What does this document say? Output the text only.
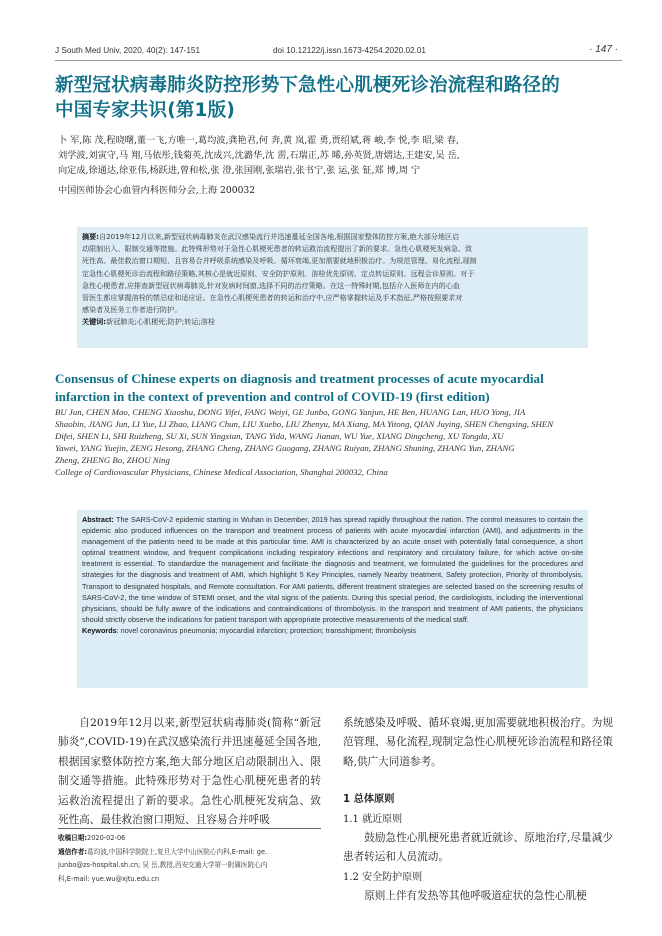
J South Med Univ, 2020, 40(2): 147-151	doi 10.12122/j.issn.1673-4254.2020.02.01	· 147 ·
新型冠状病毒肺炎防控形势下急性心肌梗死诊治流程和路径的
中国专家共识(第1版)
卜 军,陈 茂,程晓曙,董一飞,方唯一,葛均波,龚艳君,何 奔,黄 岚,霍 勇,贾绍斌,蒋 峻,李 悦,李 昭,梁 春,
刘学波,刘寅守,马 翔,马依彤,钱菊英,沈成兴,沈潞华,沈 雳,石瑞正,苏 晞,孙英贤,唐熠达,王建安,吴 岳,
向定成,徐通达,徐亚伟,杨跃进,曾和松,张 澄,张国刚,张瑞岩,张书宁,张 运,张 钲,郑 博,周 宁
中国医师协会心血管内科医师分会,上海 200032
摘要:自2019年12月以来,新型冠状病毒肺炎在武汉感染流行并迅速蔓延全国各地,根据国家整体防控方案,绝大部分地区启
动限制出入、限制交通等措施。此特殊形势对于急性心肌梗死患者的转运救治流程提出了新的要求。急性心肌梗死发病急、致
死性高、最佳救治窗口期短、且容易合并呼吸系统感染及呼吸、循环衰竭,更加需要就地积极治疗。为规范管理、易化流程,现制
定急性心肌梗死诊治流程和路径策略,其核心是就近原则、安全防护原则、溶栓优先原则、定点转运原则、远程会诊原则。对于
急性心梗患者,应排查新型冠状病毒肺炎,针对发病时间窗,选择不同的治疗策略。在这一特殊时期,包括介入医师在内的心血
管医生都应掌握溶栓的禁忌症和适应证。在急性心肌梗死患者的转运和治疗中,应严格掌握转运及手术指征,严格按照要求对
感染者及医务工作者进行防护。
关键词:新冠肺炎;心肌梗死;防护;转运;溶栓
Consensus of Chinese experts on diagnosis and treatment processes of acute myocardial
infarction in the context of prevention and control of COVID-19 (first edition)
BU Jun, CHEN Mao, CHENG Xiaoshu, DONG Yifei, FANG Weiyi, GE Junbo, GONG Yanjun, HE Ben, HUANG Lan, HUO Yong, JIA
Shaobin, JIANG Jun, LI Yue, LI Zhao, LIANG Chun, LIU Xuebo, LIU Zhenyu, MA Xiang, MA Yitong, QIAN Juying, SHEN Chengxing, SHEN
Difei, SHEN Li, SHI Ruizheng, SU Xi, SUN Yingxian, TANG Yida, WANG Jianan, WU Yue, XIANG Dingcheng, XU Tongda, XU
Yawei, YANG Yuejin, ZENG Hesong, ZHANG Cheng, ZHANG Guogang, ZHANG Ruiyan, ZHANG Shuning, ZHANG Yun, ZHANG
Zheng, ZHENG Bo, ZHOU Ning
College of Cardiovascular Physicians, Chinese Medical Association, Shanghai 200032, China

Abstract: The SARS-CoV-2 epidemic starting in Wuhan in December, 2019 has spread rapidly throughout the nation. The control measures to contain the epidemic also produced influences on the transport and treatment process of patients with acute myocardial infarction (AMI), and adjustments in the management of the patients need to be made at this particular time. AMI is characterized by an acute onset with potentially fatal consequence, a short optimal treatment window, and frequent complications including respiratory infections and respiratory and circulatory failure, for which active on-site treatment is essential. To standardize the management and facilitate the diagnosis and treatment, we formulated the guidelines for the procedures and strategies for the diagnosis and treatment of AMI, which highlight 5 Key Principles, namely Nearby treatment, Safety protection, Priority of thrombolysis, Transport to designated hospitals, and Remote consultation. For AMI patients, different treatment strategies are selected based on the screening results of SARS-CoV-2, the time window of STEMI onset, and the vital signs of the patients. During this special period, the cardiologists, including the interventional physicians, should be fully aware of the indications and contraindications of thrombolysis. In the transport and treatment of AMI patients, the physicians should strictly observe the indications for patient transport with appropriate protective measurements of the medical staff.

Keywords: novel coronavirus pneumonia; myocardial infarction; protection; transshipment; thrombolysis

自2019年12月以来,新型冠状病毒肺炎(简称“新冠肺炎”,COVID-19)在武汉感染流行并迅速蔓延全国各地,根据国家整体防控方案,绝大部分地区启动限制出入、限制交通等措施。此特殊形势对于急性心肌梗死患者的转运救治流程提出了新的要求。急性心肌梗死发病急、致死性高、最佳救治窗口期短、且容易合并呼吸
系统感染及呼吸、循环衰竭,更加需要就地积极治疗。为规范管理、易化流程,现制定急性心肌梗死诊治流程和路径策略,供广大同道参考。
1 总体原则
1.1 就近原则
鼓励急性心肌梗死患者就近就诊、原地治疗,尽量减少患者转运和人员流动。
1.2 安全防护原则
原则上伴有发热等其他呼吸道症状的急性心肌梗
收稿日期:2020-02-06
通信作者:葛均波,中国科学院院士,复旦大学中山医院心内科,E-mail: ge.
junbo@zs-hospital.sh.cn; 吴 岳,教授,西安交通大学第一附属医院心内
科,E-mail: yue.wu@xjtu.edu.cn
